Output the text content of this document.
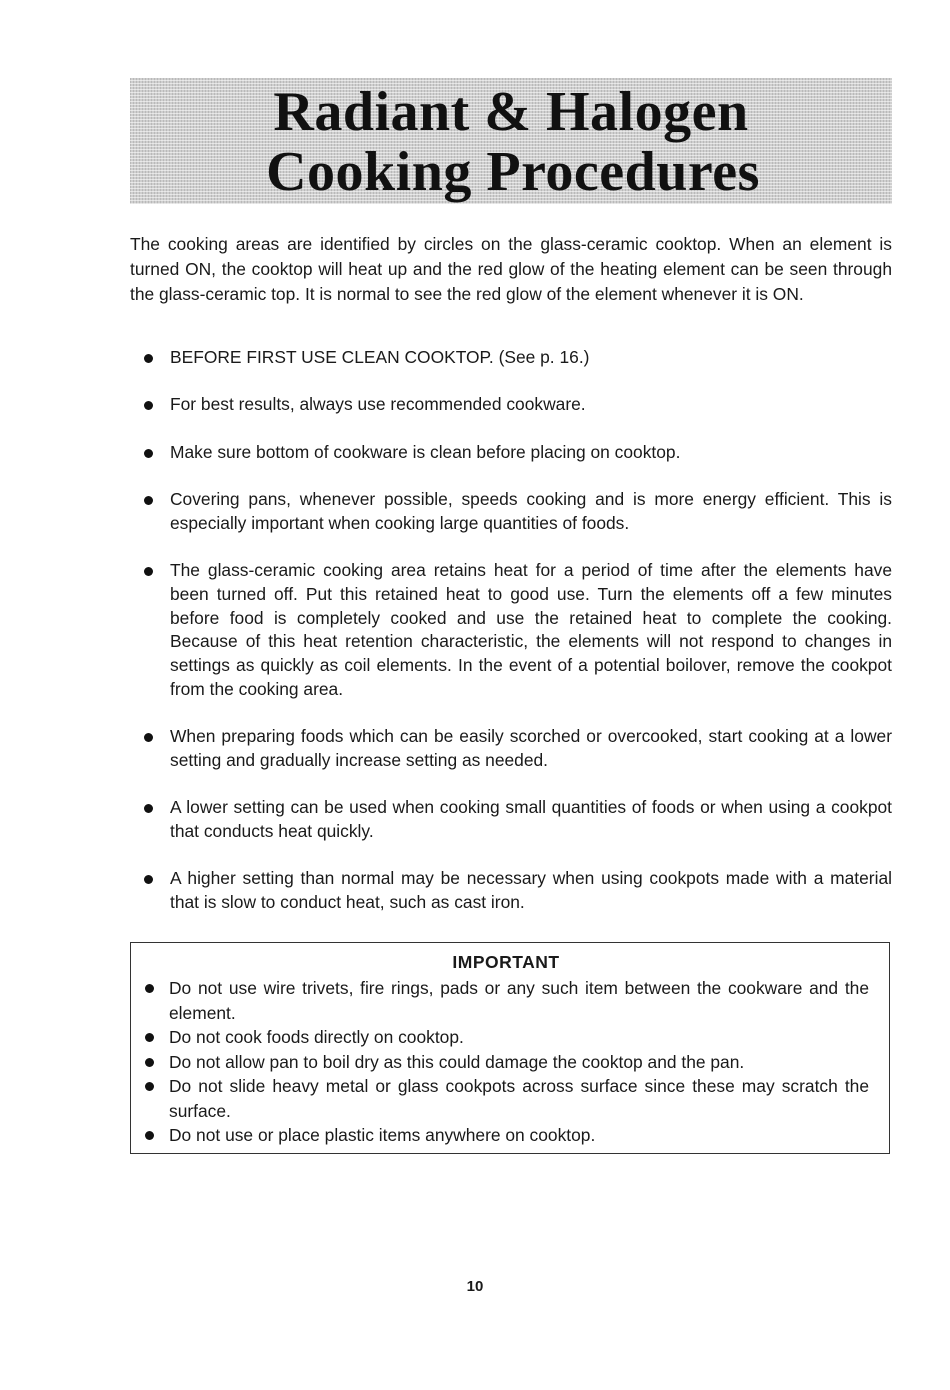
Radiant & Halogen
Cooking Procedures

The cooking areas are identified by circles on the glass-ceramic cooktop. When an element is turned ON, the cooktop will heat up and the red glow of the heating element can be seen through the glass-ceramic top. It is normal to see the red glow of the element whenever it is ON.

BEFORE FIRST USE CLEAN COOKTOP. (See p. 16.)
For best results, always use recommended cookware.
Make sure bottom of cookware is clean before placing on cooktop.
Covering pans, whenever possible, speeds cooking and is more energy efficient. This is especially important when cooking large quantities of foods.
The glass-ceramic cooking area retains heat for a period of time after the elements have been turned off. Put this retained heat to good use. Turn the elements off a few minutes before food is completely cooked and use the retained heat to complete the cooking. Because of this heat retention characteristic, the elements will not respond to changes in settings as quickly as coil elements. In the event of a potential boilover, remove the cookpot from the cooking area.
When preparing foods which can be easily scorched or overcooked, start cooking at a lower setting and gradually increase setting as needed.
A lower setting can be used when cooking small quantities of foods or when using a cookpot that conducts heat quickly.
A higher setting than normal may be necessary when using cookpots made with a material that is slow to conduct heat, such as cast iron.
IMPORTANT
Do not use wire trivets, fire rings, pads or any such item between the cookware and the element.
Do not cook foods directly on cooktop.
Do not allow pan to boil dry as this could damage the cooktop and the pan.
Do not slide heavy metal or glass cookpots across surface since these may scratch the surface.
Do not use or place plastic items anywhere on cooktop.
10
